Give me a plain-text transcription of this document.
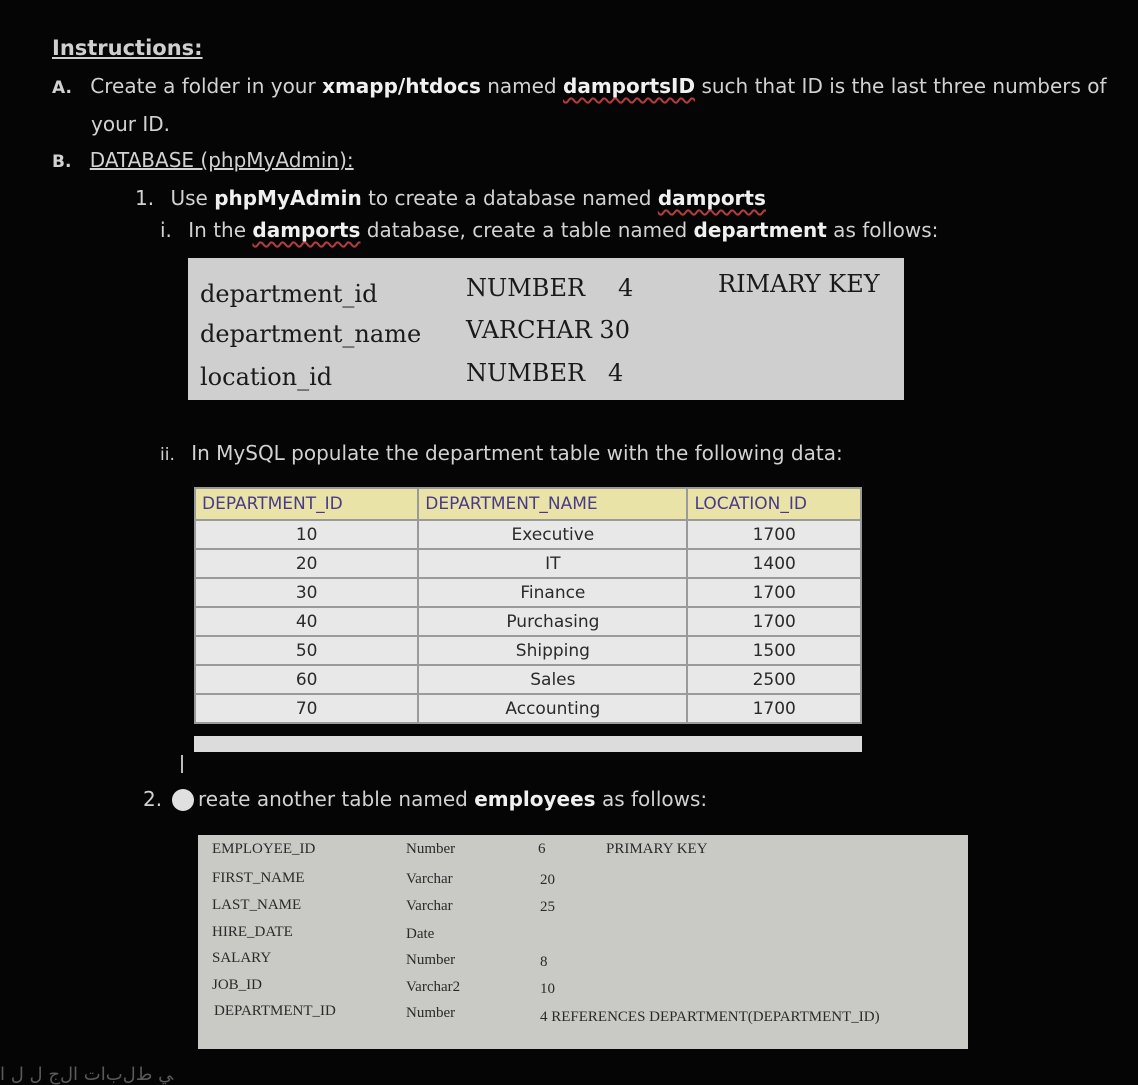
Instructions:
A. Create a folder in your xmapp/htdocs named damportsID such that ID is the last three numbers of
your ID.
B. DATABASE (phpMyAdmin):
1. Use phpMyAdmin to create a database named damports
i. In the damports database, create a table named department as follows:
department_id	NUMBER 4	RIMARY KEY
department_name VARCHAR 30
location_id	NUMBER 4
ii. In MySQL populate the department table with the following data:
DEPARTMENT_ID	DEPARTMENT_NAME	LOCATION_ID
10	Executive	1700
20	IT	1400
30	Finance	1700
40	Purchasing	1700
50	Shipping	1500
60	Sales	2500
70	Accounting	1700
2. reate another table named employees as follows:
EMPLOYEE_ID	Number	6	PRIMARY KEY
FIRST_NAME	Varchar	20
LAST_NAME	Varchar	25
HIRE_DATE	Date
SALARY	Number	8
JOB_ID	Varchar2	10
DEPARTMENT_ID	Number	4 REFERENCES DEPARTMENT(DEPARTMENT_ID)
ﻲ ﻁﻝﺏﺍﺕ ﺍﻝﺝ ﻝ ﻝ ﺍ
